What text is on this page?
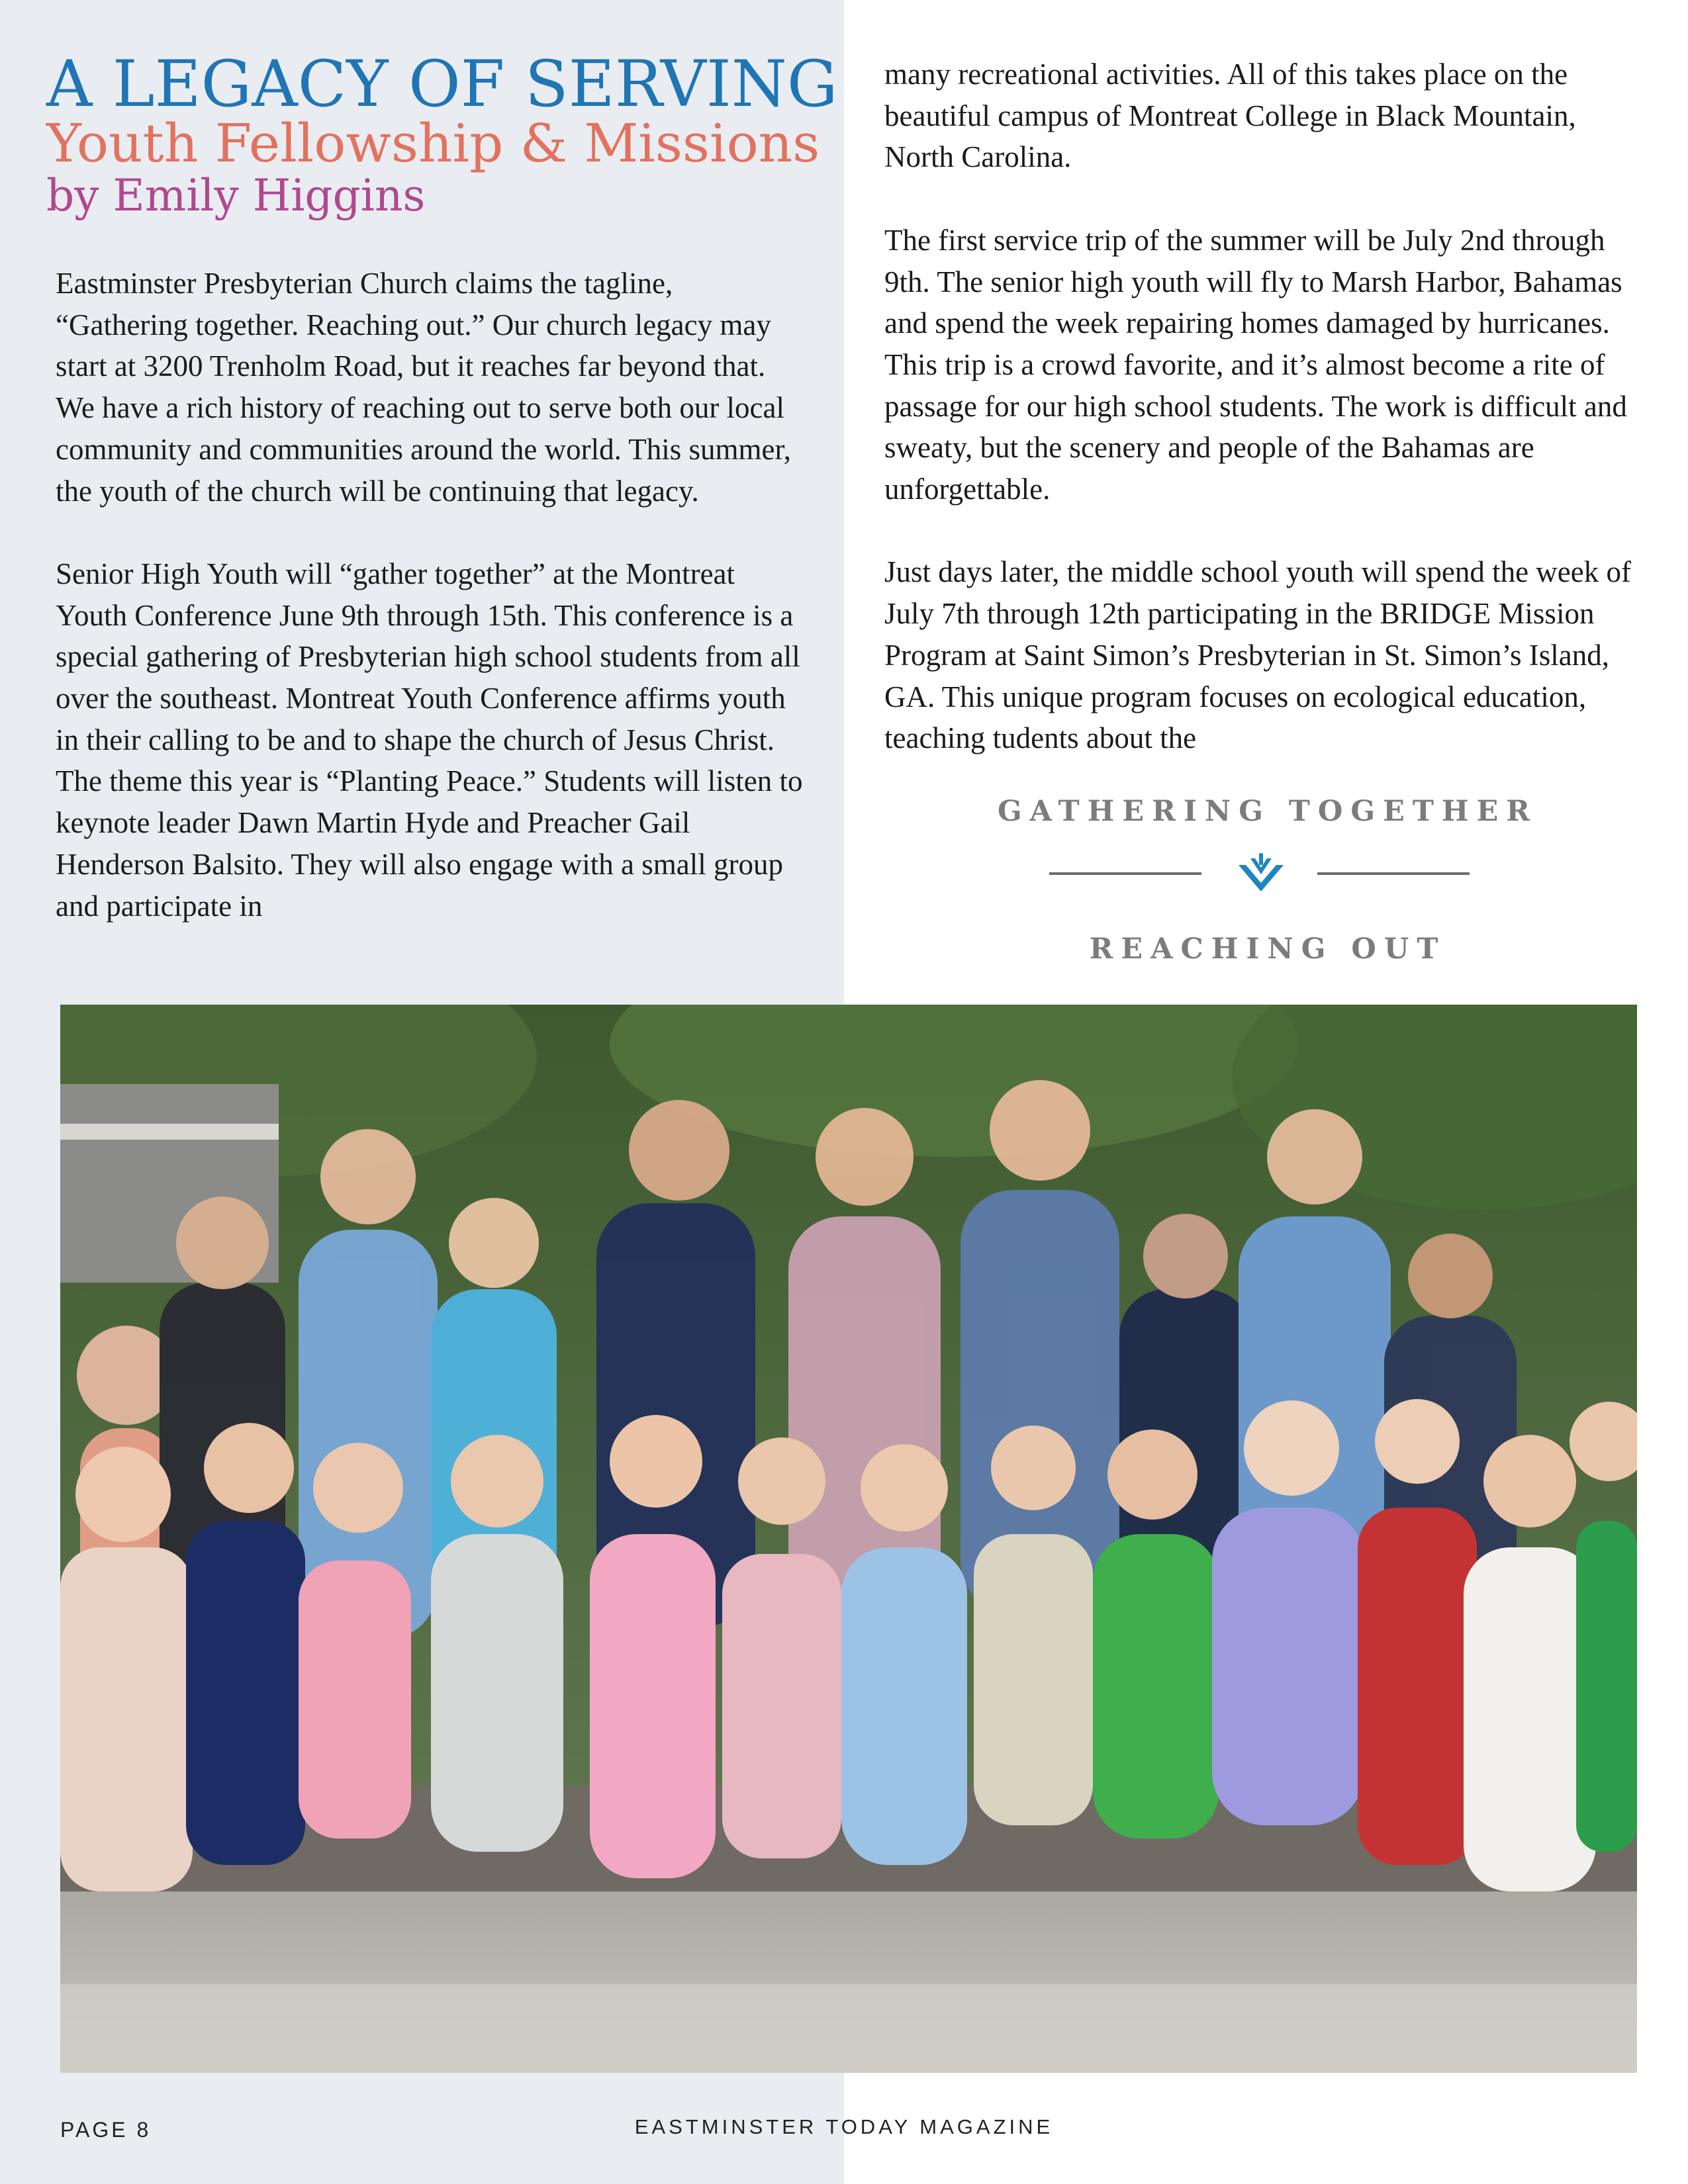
A LEGACY OF SERVING
Youth Fellowship & Missions
by Emily Higgins

Eastminster Presbyterian Church claims the tagline, “Gathering together. Reaching out.” Our church legacy may start at 3200 Trenholm Road, but it reaches far beyond that. We have a rich history of reaching out to serve both our local community and communities around the world. This summer, the youth of the church will be continuing that legacy.

Senior High Youth will “gather together” at the Montreat Youth Conference June 9th through 15th. This conference is a special gathering of Presbyterian high school students from all over the southeast. Montreat Youth Conference affirms youth in their calling to be and to shape the church of Jesus Christ. The theme this year is “Planting Peace.” Students will listen to keynote leader Dawn Martin Hyde and Preacher Gail Henderson Balsito. They will also engage with a small group and participate in

many recreational activities. All of this takes place on the beautiful campus of Montreat College in Black Mountain, North Carolina.

The first service trip of the summer will be July 2nd through 9th. The senior high youth will fly to Marsh Harbor, Bahamas and spend the week repairing homes damaged by hurricanes. This trip is a crowd favorite, and it’s almost become a rite of passage for our high school students. The work is difficult and sweaty, but the scenery and people of the Bahamas are unforgettable.

Just days later, the middle school youth will spend the week of July 7th through 12th participating in the BRIDGE Mission Program at Saint Simon’s Presbyterian in St. Simon’s Island, GA. This unique program focuses on ecological education, teaching tudents about the

GATHERING TOGETHER
REACHING OUT
PAGE 8	EASTMINSTER TODAY MAGAZINE
